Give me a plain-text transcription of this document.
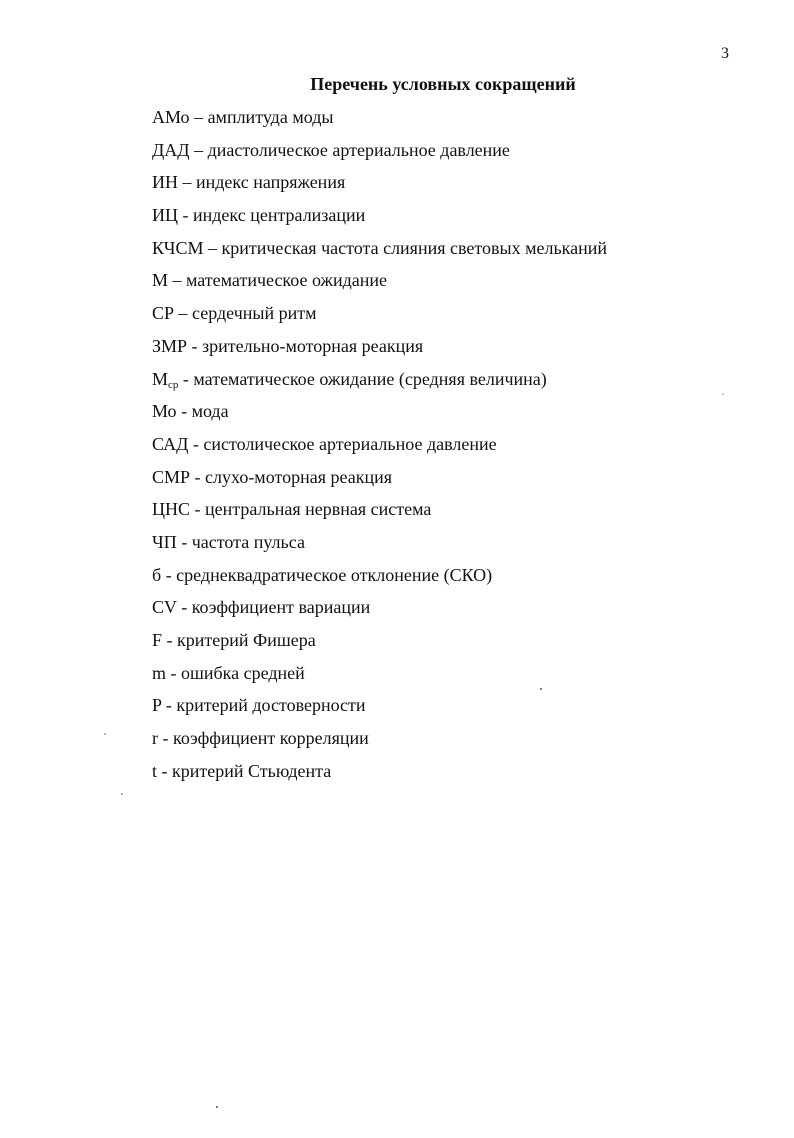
3
Перечень условных сокращений
АМо – амплитуда моды
ДАД – диастолическое артериальное давление
ИН – индекс напряжения
ИЦ - индекс централизации
КЧСМ – критическая частота слияния световых мельканий
М – математическое ожидание
СР – сердечный ритм
ЗМР - зрительно-моторная реакция
$М_{ср}$ - математическое ожидание (средняя величина)
Мо - мода
САД - систолическое артериальное давление
СМР - слухо-моторная реакция
ЦНС - центральная нервная система
ЧП - частота пульса
б - среднеквадратическое отклонение (СКО)
CV - коэффициент вариации
F - критерий Фишера
m - ошибка средней
P - критерий достоверности
r - коэффициент корреляции
t - критерий Стьюдента
